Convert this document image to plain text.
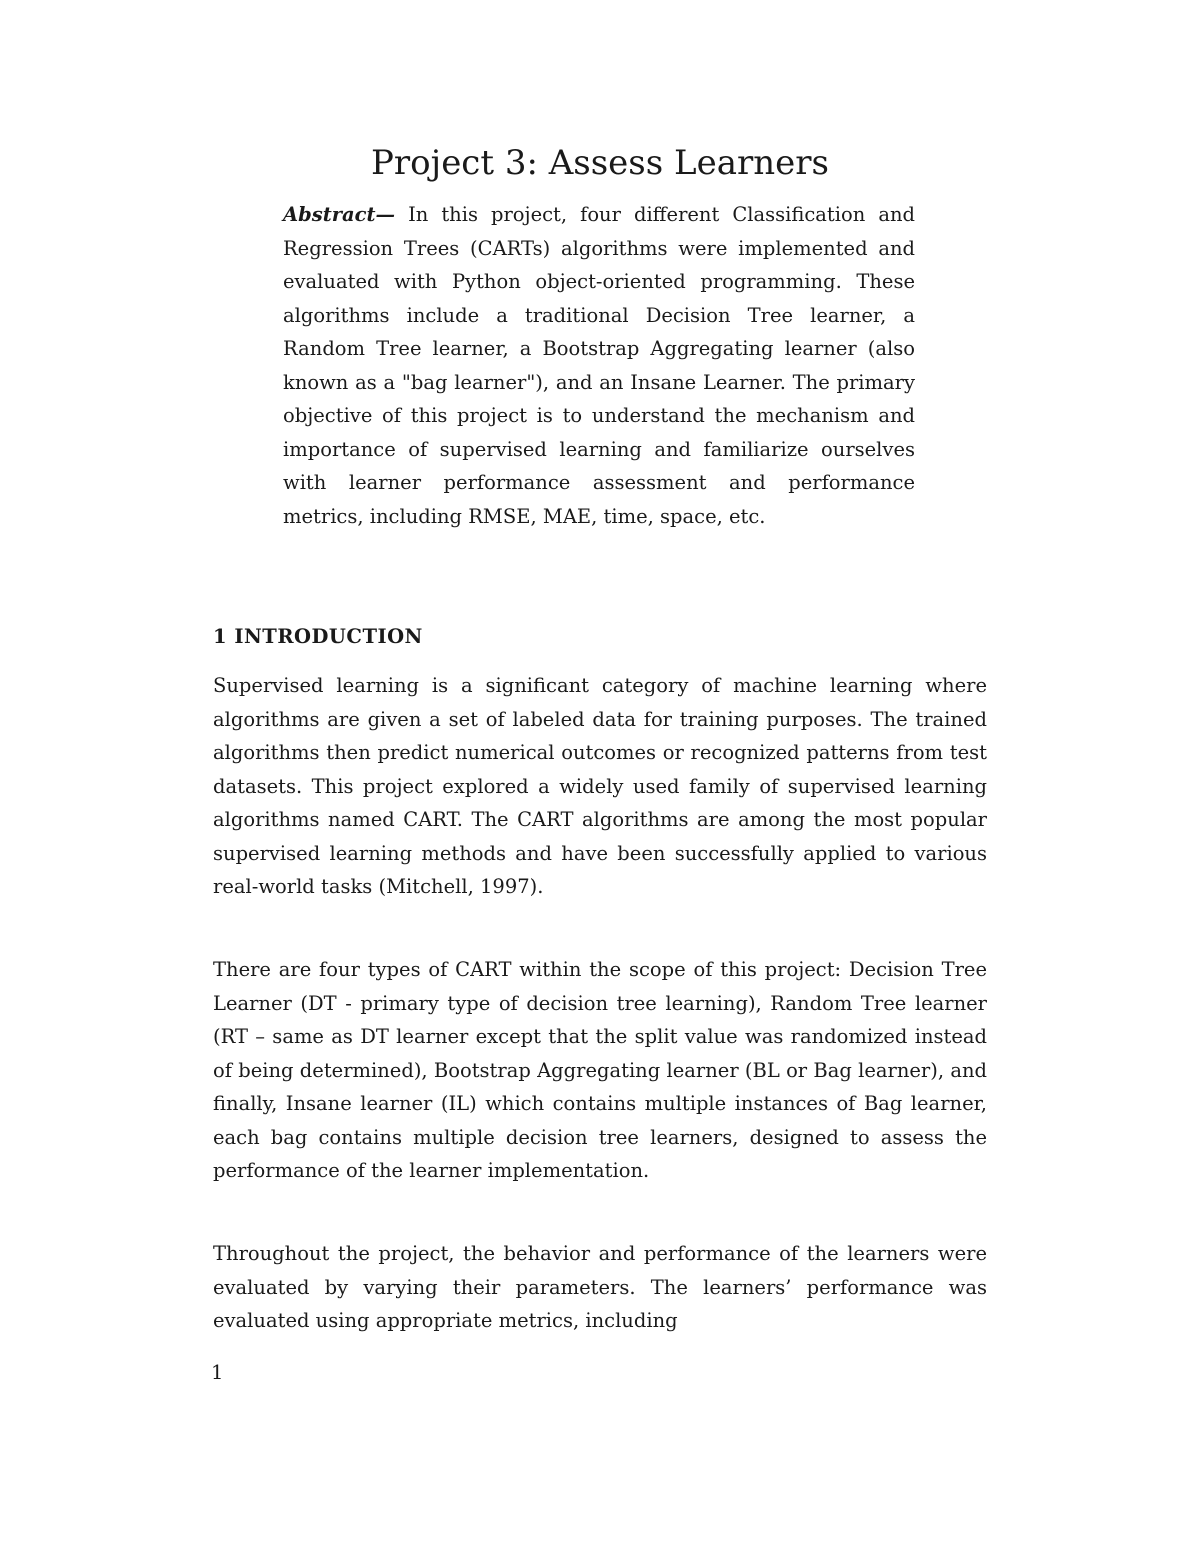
Project 3: Assess Learners

Abstract— In this project, four different Classification and Regression Trees (CARTs) algorithms were implemented and evaluated with Python object-oriented programming. These algorithms include a traditional Decision Tree learner, a Random Tree learner, a Bootstrap Aggregating learner (also known as a "bag learner"), and an Insane Learner. The primary objective of this project is to understand the mechanism and importance of supervised learning and familiarize ourselves with learner performance assessment and performance metrics, including RMSE, MAE, time, space, etc.

1 INTRODUCTION

Supervised learning is a significant category of machine learning where algorithms are given a set of labeled data for training purposes. The trained algorithms then predict numerical outcomes or recognized patterns from test datasets. This project explored a widely used family of supervised learning algorithms named CART. The CART algorithms are among the most popular supervised learning methods and have been successfully applied to various real-world tasks (Mitchell, 1997).

There are four types of CART within the scope of this project: Decision Tree Learner (DT - primary type of decision tree learning), Random Tree learner (RT – same as DT learner except that the split value was randomized instead of being determined), Bootstrap Aggregating learner (BL or Bag learner), and finally, Insane learner (IL) which contains multiple instances of Bag learner, each bag contains multiple decision tree learners, designed to assess the performance of the learner implementation.

Throughout the project, the behavior and performance of the learners were evaluated by varying their parameters. The learners’ performance was evaluated using appropriate metrics, including

1
